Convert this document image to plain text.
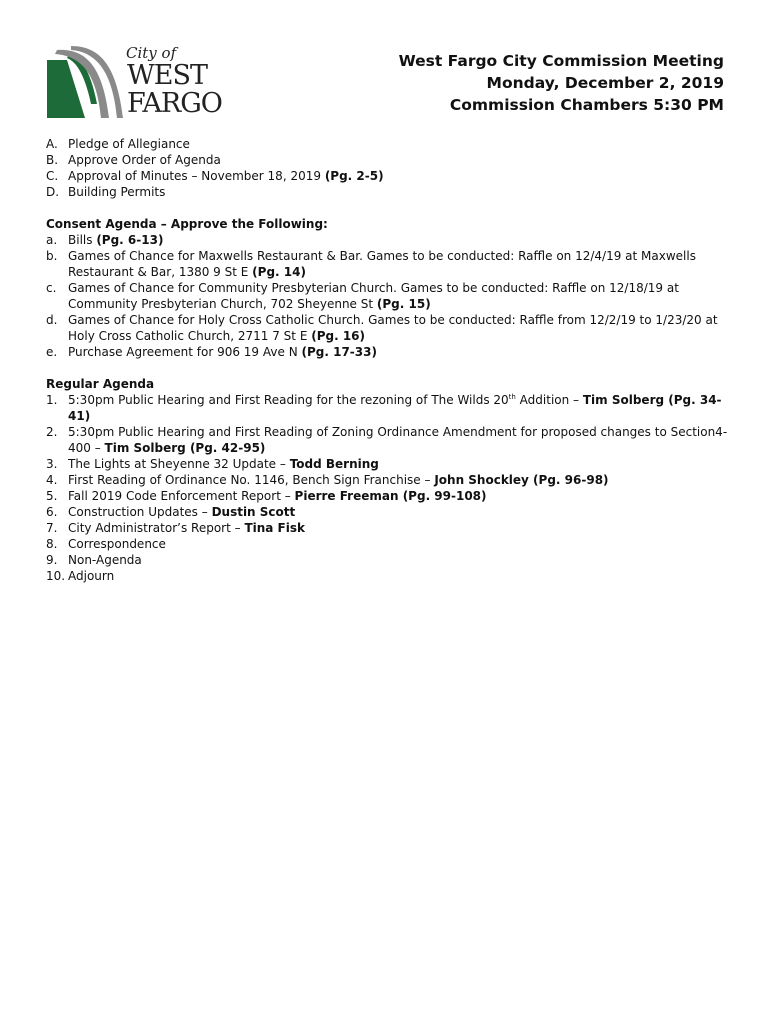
City of
WEST
FARGO
West Fargo City Commission Meeting
Monday, December 2, 2019
Commission Chambers 5:30 PM
A. Pledge of Allegiance
B. Approve Order of Agenda
C. Approval of Minutes – November 18, 2019 (Pg. 2-5)
D. Building Permits
Consent Agenda – Approve the Following:
a. Bills (Pg. 6-13)
b. Games of Chance for Maxwells Restaurant & Bar. Games to be conducted: Raffle on 12/4/19 at Maxwells Restaurant & Bar, 1380 9 St E (Pg. 14)
c. Games of Chance for Community Presbyterian Church. Games to be conducted: Raffle on 12/18/19 at Community Presbyterian Church, 702 Sheyenne St (Pg. 15)
d. Games of Chance for Holy Cross Catholic Church. Games to be conducted: Raffle from 12/2/19 to 1/23/20 at Holy Cross Catholic Church, 2711 7 St E (Pg. 16)
e. Purchase Agreement for 906 19 Ave N (Pg. 17-33)
Regular Agenda
1. 5:30pm Public Hearing and First Reading for the rezoning of The Wilds 20th Addition – Tim Solberg (Pg. 34-41)
2. 5:30pm Public Hearing and First Reading of Zoning Ordinance Amendment for proposed changes to Section4-400 – Tim Solberg (Pg. 42-95)
3. The Lights at Sheyenne 32 Update – Todd Berning
4. First Reading of Ordinance No. 1146, Bench Sign Franchise – John Shockley (Pg. 96-98)
5. Fall 2019 Code Enforcement Report – Pierre Freeman (Pg. 99-108)
6. Construction Updates – Dustin Scott
7. City Administrator’s Report – Tina Fisk
8. Correspondence
9. Non-Agenda
10. Adjourn
